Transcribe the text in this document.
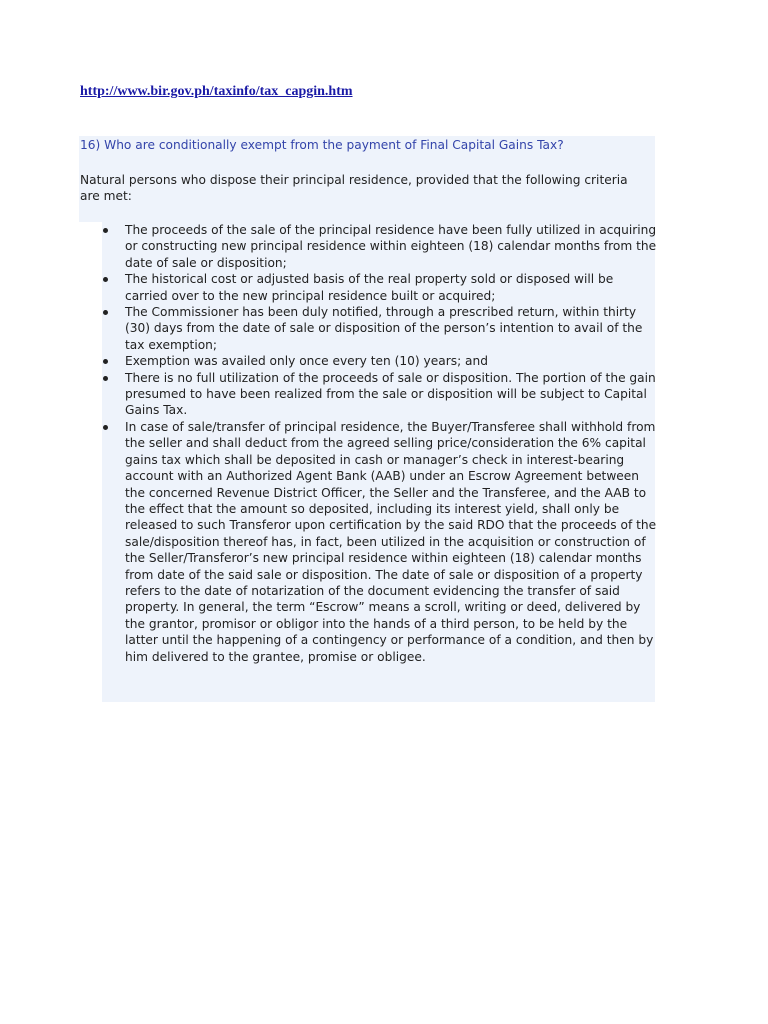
http://www.bir.gov.ph/taxinfo/tax_capgin.htm
16) Who are conditionally exempt from the payment of Final Capital Gains Tax?

Natural persons who dispose their principal residence, provided that the following criteria are met:

The proceeds of the sale of the principal residence have been fully utilized in acquiring or constructing new principal residence within eighteen (18) calendar months from the date of sale or disposition;
The historical cost or adjusted basis of the real property sold or disposed will be carried over to the new principal residence built or acquired;
The Commissioner has been duly notified, through a prescribed return, within thirty (30) days from the date of sale or disposition of the person’s intention to avail of the tax exemption;
Exemption was availed only once every ten (10) years; and
There is no full utilization of the proceeds of sale or disposition. The portion of the gain presumed to have been realized from the sale or disposition will be subject to Capital Gains Tax.
In case of sale/transfer of principal residence, the Buyer/Transferee shall withhold from the seller and shall deduct from the agreed selling price/consideration the 6% capital gains tax which shall be deposited in cash or manager’s check in interest-bearing account with an Authorized Agent Bank (AAB) under an Escrow Agreement between the concerned Revenue District Officer, the Seller and the Transferee, and the AAB to the effect that the amount so deposited, including its interest yield, shall only be released to such Transferor upon certification by the said RDO that the proceeds of the sale/disposition thereof has, in fact, been utilized in the acquisition or construction of the Seller/Transferor’s new principal residence within eighteen (18) calendar months from date of the said sale or disposition. The date of sale or disposition of a property refers to the date of notarization of the document evidencing the transfer of said property. In general, the term “Escrow” means a scroll, writing or deed, delivered by the grantor, promisor or obligor into the hands of a third person, to be held by the latter until the happening of a contingency or performance of a condition, and then by him delivered to the grantee, promise or obligee.
